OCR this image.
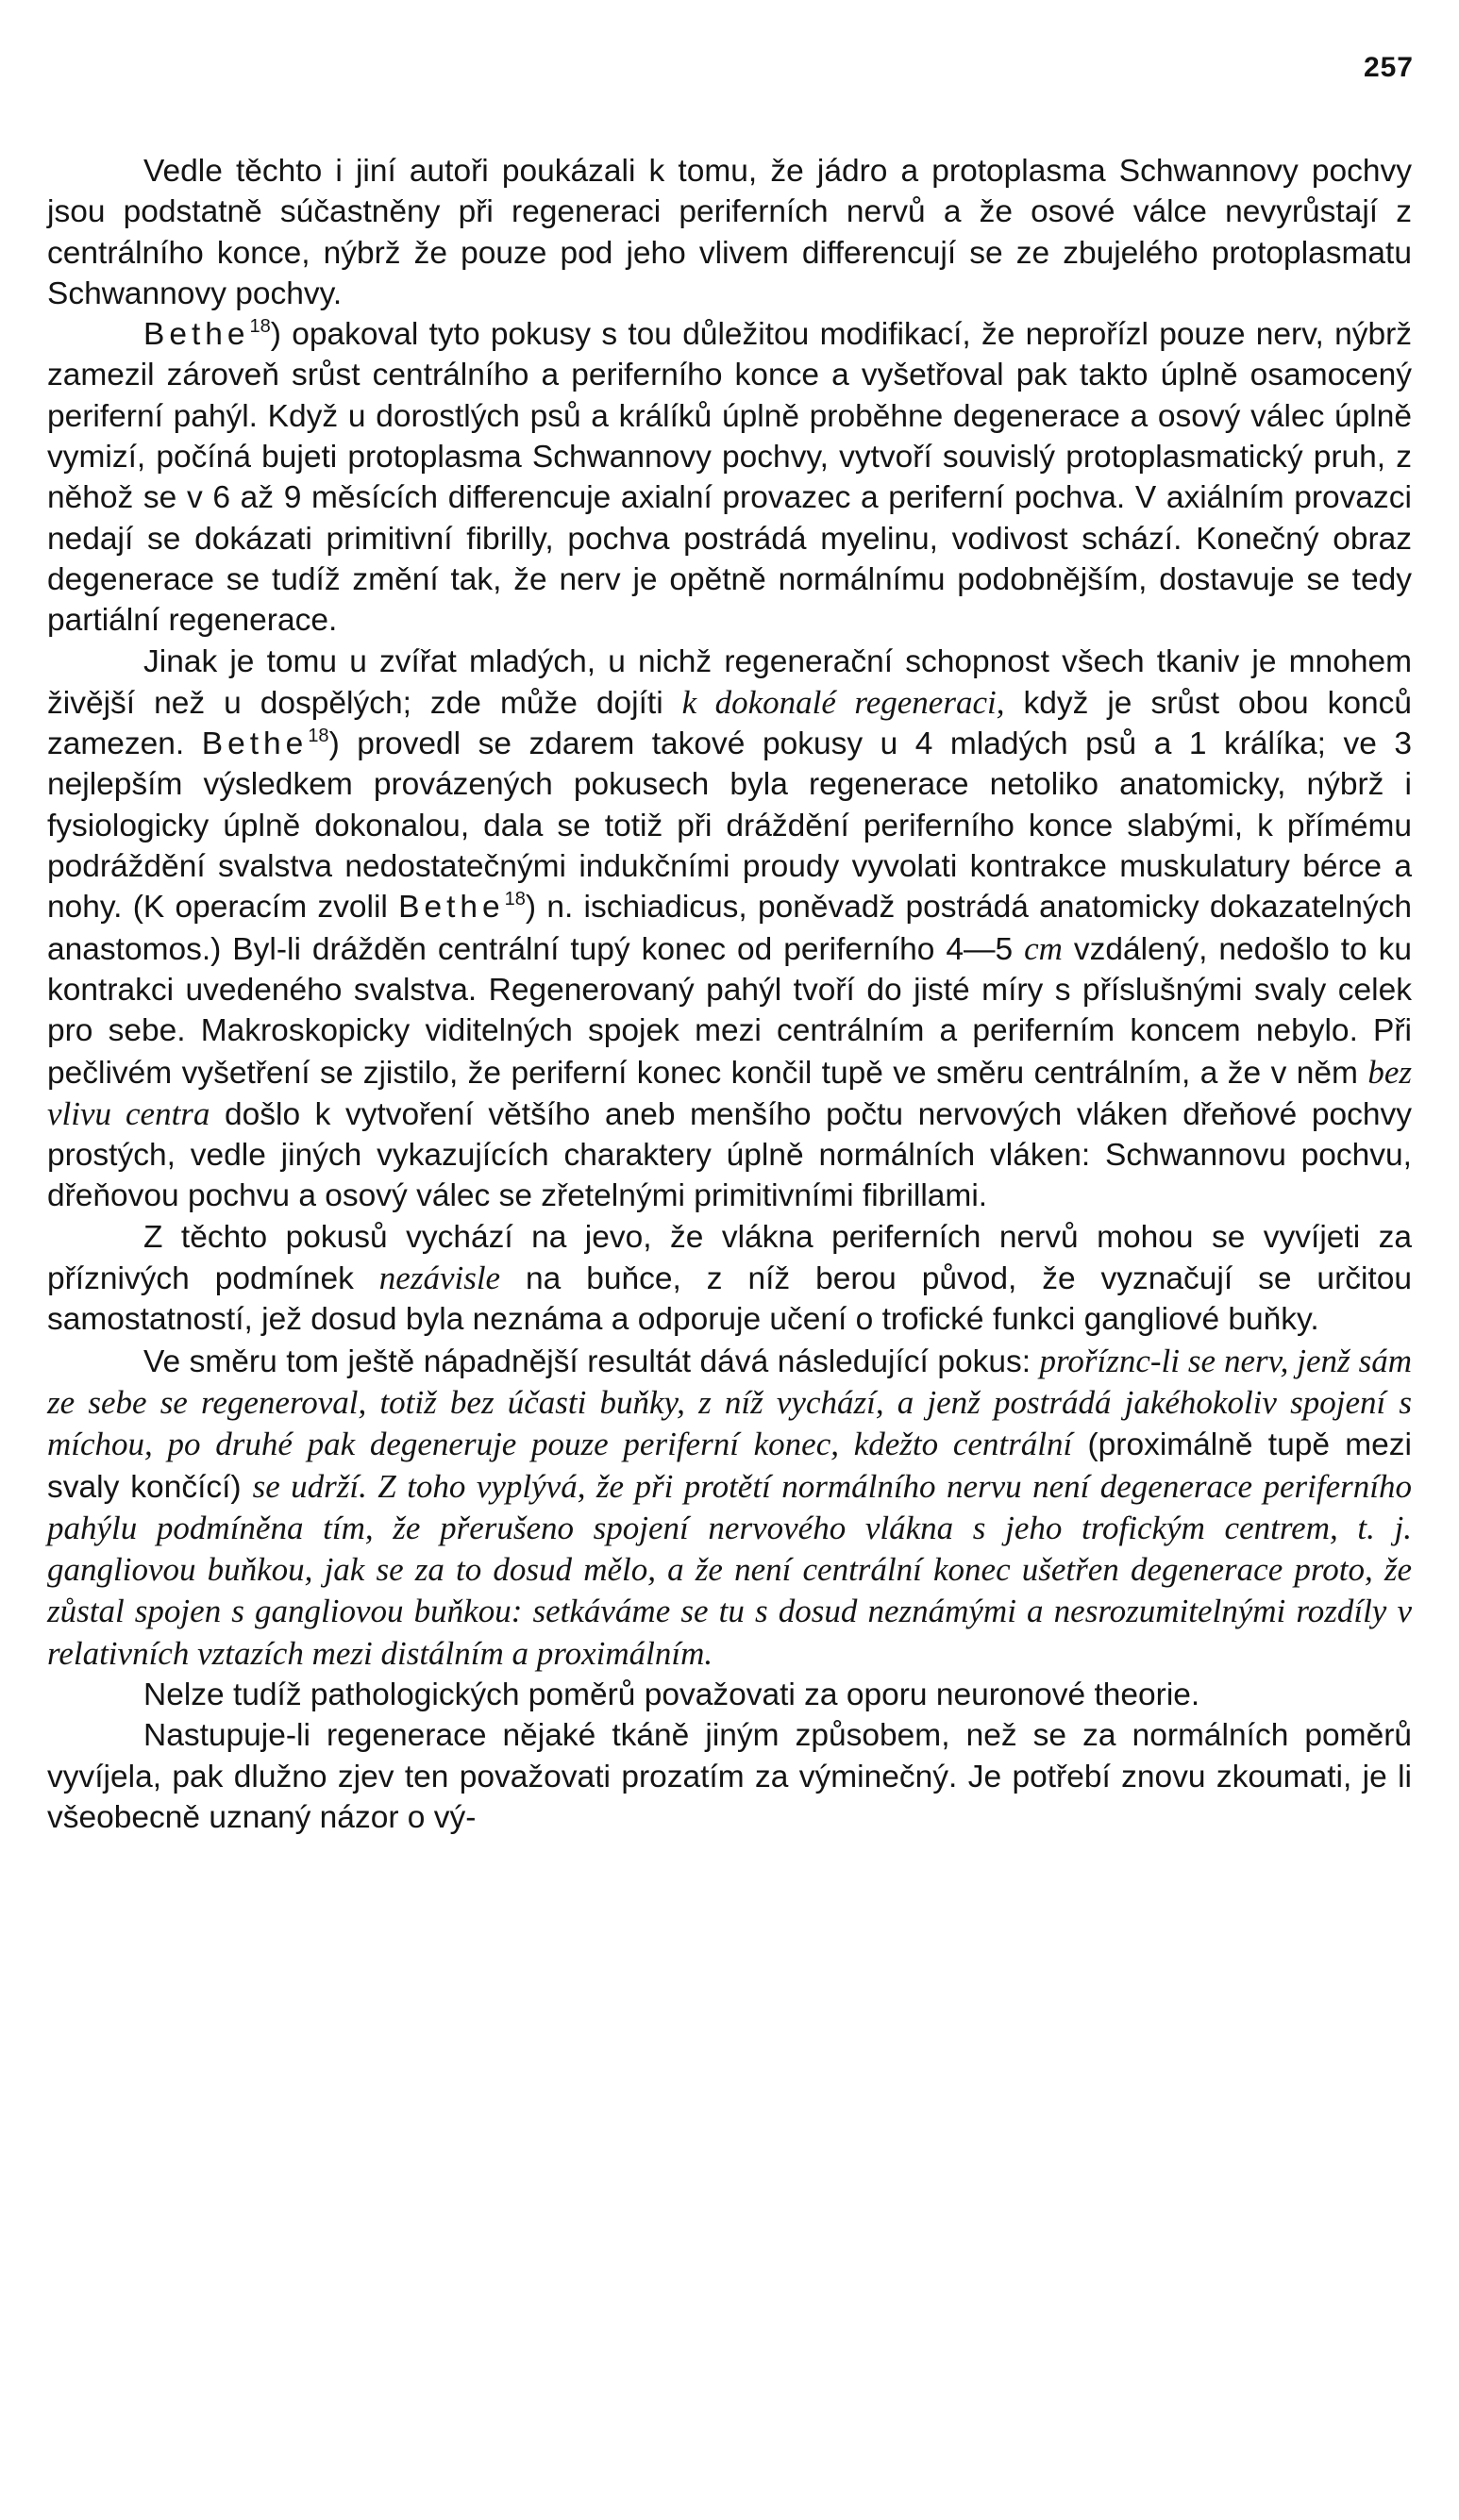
257

Vedle těchto i jiní autoři poukázali k tomu, že jádro a protoplasma Schwannovy pochvy jsou podstatně súčastněny při regeneraci periferních nervů a že osové válce nevyrůstají z centrálního konce, nýbrž že pouze pod jeho vlivem differencují se ze zbujelého protoplasmatu Schwannovy pochvy.

Bethe$^{18}$) opakoval tyto pokusy s tou důležitou modifikací, že neprořízl pouze nerv, nýbrž zamezil zároveň srůst centrálního a periferního konce a vyšetřoval pak takto úplně osamocený periferní pahýl. Když u dorostlých psů a králíků úplně proběhne degenerace a osový válec úplně vymizí, počíná bujeti protoplasma Schwannovy pochvy, vytvoří souvislý protoplasmatický pruh, z něhož se v 6 až 9 měsících differencuje axialní provazec a periferní pochva. V axiálním provazci nedají se dokázati primitivní fibrilly, pochva postrádá myelinu, vodivost schází. Konečný obraz degenerace se tudíž změní tak, že nerv je opětně normálnímu podobnějším, dostavuje se tedy partiální regenerace.

Jinak je tomu u zvířat mladých, u nichž regenerační schopnost všech tkaniv je mnohem živější než u dospělých; zde může dojíti k dokonalé regeneraci, když je srůst obou konců zamezen. Bethe$^{18}$) provedl se zdarem takové pokusy u 4 mladých psů a 1 králíka; ve 3 nejlepším výsledkem provázených pokusech byla regenerace netoliko anatomicky, nýbrž i fysiologicky úplně dokonalou, dala se totiž při dráždění periferního konce slabými, k přímému podráždění svalstva nedostatečnými indukčními proudy vyvolati kontrakce muskulatury bérce a nohy. (K operacím zvolil Bethe$^{18}$) n. ischiadicus, poněvadž postrádá anatomicky dokazatelných anastomos.) Byl-li drážděn centrální tupý konec od periferního 4—5 cm vzdálený, nedošlo to ku kontrakci uvedeného svalstva. Regenerovaný pahýl tvoří do jisté míry s příslušnými svaly celek pro sebe. Makroskopicky viditelných spojek mezi centrálním a periferním koncem nebylo. Při pečlivém vyšetření se zjistilo, že periferní konec končil tupě ve směru centrálním, a že v něm bez vlivu centra došlo k vytvoření většího aneb menšího počtu nervových vláken dřeňové pochvy prostých, vedle jiných vykazujících charaktery úplně normálních vláken: Schwannovu pochvu, dřeňovou pochvu a osový válec se zřetelnými primitivními fibrillami.

Z těchto pokusů vychází na jevo, že vlákna periferních nervů mohou se vyvíjeti za příznivých podmínek nezávisle na buňce, z níž berou původ, že vyznačují se určitou samostatností, jež dosud byla neznáma a odporuje učení o trofické funkci gangliové buňky.

Ve směru tom ještě nápadnější resultát dává následující pokus: proříznc-li se nerv, jenž sám ze sebe se regeneroval, totiž bez účasti buňky, z níž vychází, a jenž postrádá jakéhokoliv spojení s míchou, po druhé pak degeneruje pouze periferní konec, kdežto centrální (proximálně tupě mezi svaly končící) se udrží. Z toho vyplývá, že při protětí normálního nervu není degenerace periferního pahýlu podmíněna tím, že přerušeno spojení nervového vlákna s jeho trofickým centrem, t. j. gangliovou buňkou, jak se za to dosud mělo, a že není centrální konec ušetřen degenerace proto, že zůstal spojen s gangliovou buňkou: setkáváme se tu s dosud neznámými a nesrozumitelnými rozdíly v relativních vztazích mezi distálním a proximálním.

Nelze tudíž pathologických poměrů považovati za oporu neuronové theorie.

Nastupuje-li regenerace nějaké tkáně jiným způsobem, než se za normálních poměrů vyvíjela, pak dlužno zjev ten považovati prozatím za výminečný. Je potřebí znovu zkoumati, je li všeobecně uznaný názor o vý-
